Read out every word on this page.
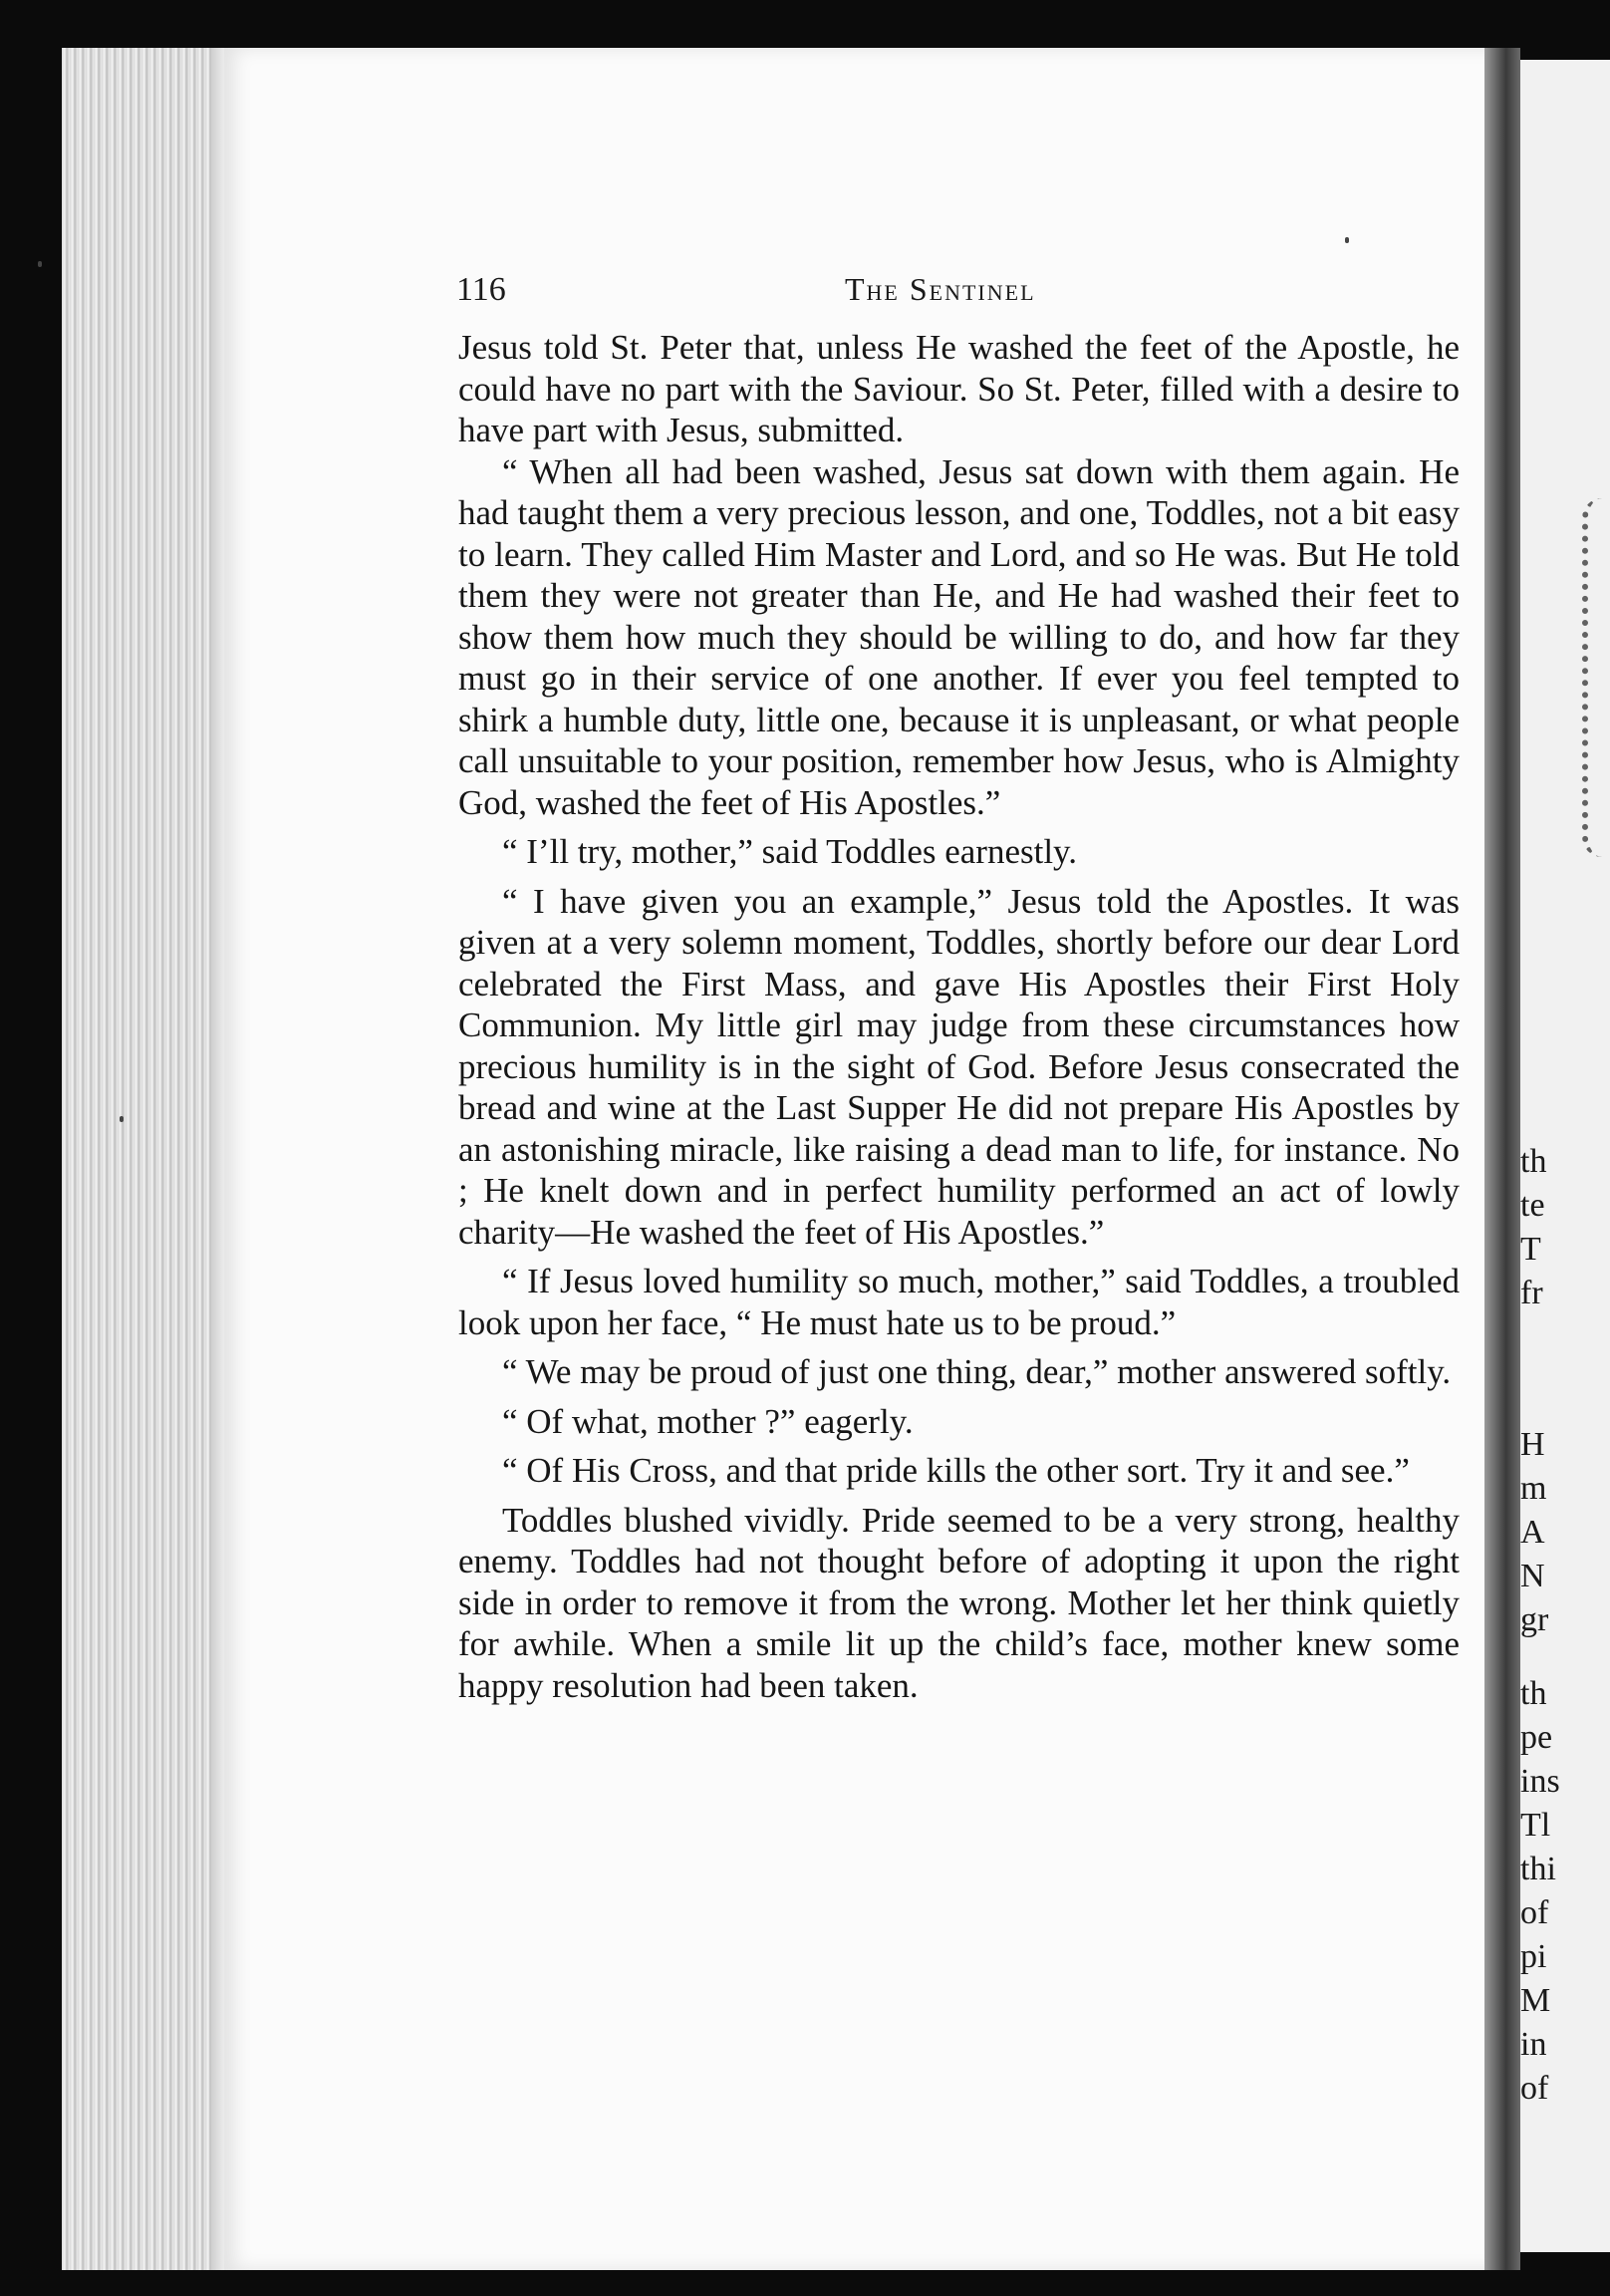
th
te
T
fr
H
m
A
N
gr
th
pe
ins
Tl
thi
of
pi
M
in
of
116	The Sentinel

Jesus told St. Peter that, unless He washed the feet of the Apostle, he could have no part with the Saviour. So St. Peter, filled with a desire to have part with Jesus, submitted.

“ When all had been washed, Jesus sat down with them again. He had taught them a very precious lesson, and one, Toddles, not a bit easy to learn. They called Him Master and Lord, and so He was. But He told them they were not greater than He, and He had washed their feet to show them how much they should be willing to do, and how far they must go in their service of one another. If ever you feel tempted to shirk a humble duty, little one, because it is unpleasant, or what people call unsuitable to your position, remember how Jesus, who is Almighty God, washed the feet of His Apostles.”

“ I’ll try, mother,” said Toddles earnestly.

“ I have given you an example,” Jesus told the Apostles. It was given at a very solemn moment, Toddles, shortly before our dear Lord celebrated the First Mass, and gave His Apostles their First Holy Communion. My little girl may judge from these circumstances how precious humility is in the sight of God. Before Jesus consecrated the bread and wine at the Last Supper He did not prepare His Apostles by an astonishing miracle, like raising a dead man to life, for instance. No ; He knelt down and in perfect humility performed an act of lowly charity—He washed the feet of His Apostles.”

“ If Jesus loved humility so much, mother,” said Toddles, a troubled look upon her face, “ He must hate us to be proud.”

“ We may be proud of just one thing, dear,” mother answered softly.

“ Of what, mother ?” eagerly.

“ Of His Cross, and that pride kills the other sort. Try it and see.”

Toddles blushed vividly. Pride seemed to be a very strong, healthy enemy. Toddles had not thought before of adopting it upon the right side in order to remove it from the wrong. Mother let her think quietly for awhile. When a smile lit up the child’s face, mother knew some happy resolution had been taken.
